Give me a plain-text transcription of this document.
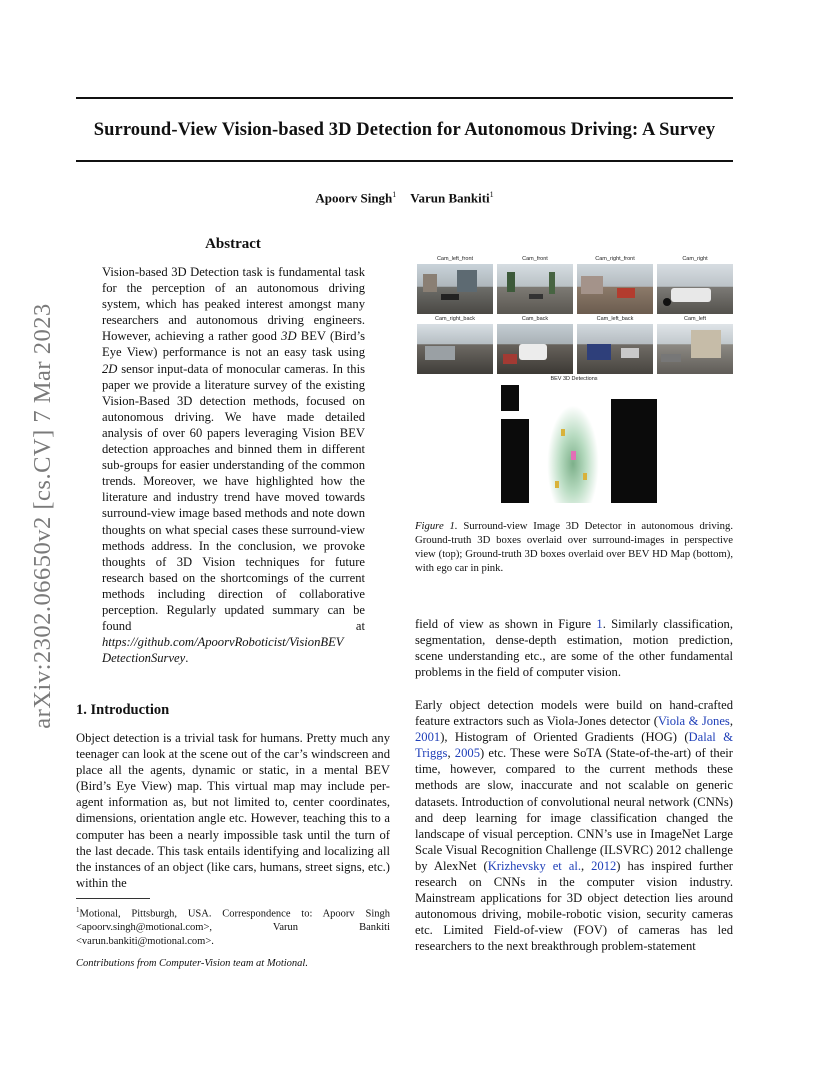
Surround-View Vision-based 3D Detection for Autonomous Driving: A Survey
Apoorv Singh$^1$ Varun Bankiti$^1$
arXiv:2302.06650v2 [cs.CV] 7 Mar 2023
Abstract
Vision-based 3D Detection task is fundamental task for the perception of an autonomous driving system, which has peaked interest amongst many researchers and autonomous driving engineers. However, achieving a rather good 3D BEV (Bird’s Eye View) performance is not an easy task using 2D sensor input-data of monocular cameras. In this paper we provide a literature survey of the existing Vision-Based 3D detection methods, focused on autonomous driving. We have made detailed analysis of over 60 papers leveraging Vision BEV detection approaches and binned them in different sub-groups for easier understanding of the common trends. Moreover, we have highlighted how the literature and industry trend have moved towards surround-view image based methods and note down thoughts on what special cases these surround-view methods address. In the conclusion, we provoke thoughts of 3D Vision techniques for future research based on the shortcomings of the current methods including direction of collaborative perception. Regularly updated summary can be found at https://github.com/ApoorvRoboticist/VisionBEV
DetectionSurvey.
1. Introduction
Object detection is a trivial task for humans. Pretty much any teenager can look at the scene out of the car’s windscreen and place all the agents, dynamic or static, in a mental BEV (Bird’s Eye View) map. This virtual map may include per-agent information as, but not limited to, center coordinates, dimensions, orientation angle etc. However, teaching this to a computer has been a nearly impossible task until the turn of the last decade. This task entails identifying and localizing all the instances of an object (like cars, humans, street signs, etc.) within the
$^1$Motional, Pittsburgh, USA. Correspondence to: Apoorv Singh <apoorv.singh@motional.com>, Varun Bankiti <varun.bankiti@motional.com>.
Contributions from Computer-Vision team at Motional.
Cam_left_front	Cam_front	Cam_right_front	Cam_right
Cam_right_back	Cam_back	Cam_left_back	Cam_left
BEV 3D Detections
Figure 1. Surround-view Image 3D Detector in autonomous driving. Ground-truth 3D boxes overlaid over surround-images in perspective view (top); Ground-truth 3D boxes overlaid over BEV HD Map (bottom), with ego car in pink.
field of view as shown in Figure 1. Similarly classification, segmentation, dense-depth estimation, motion prediction, scene understanding etc., are some of the other fundamental problems in the field of computer vision.
Early object detection models were build on hand-crafted feature extractors such as Viola-Jones detector (Viola & Jones, 2001), Histogram of Oriented Gradients (HOG) (Dalal & Triggs, 2005) etc. These were SoTA (State-of-the-art) of their time, however, compared to the current methods these methods are slow, inaccurate and not scalable on generic datasets. Introduction of convolutional neural network (CNNs) and deep learning for image classification changed the landscape of visual perception. CNN’s use in ImageNet Large Scale Visual Recognition Challenge (ILSVRC) 2012 challenge by AlexNet (Krizhevsky et al., 2012) has inspired further research on CNNs in the computer vision industry. Mainstream applications for 3D object detection lies around autonomous driving, mobile-robotic vision, security cameras etc. Limited Field-of-view (FOV) of cameras has led researchers to the next breakthrough problem-statement
